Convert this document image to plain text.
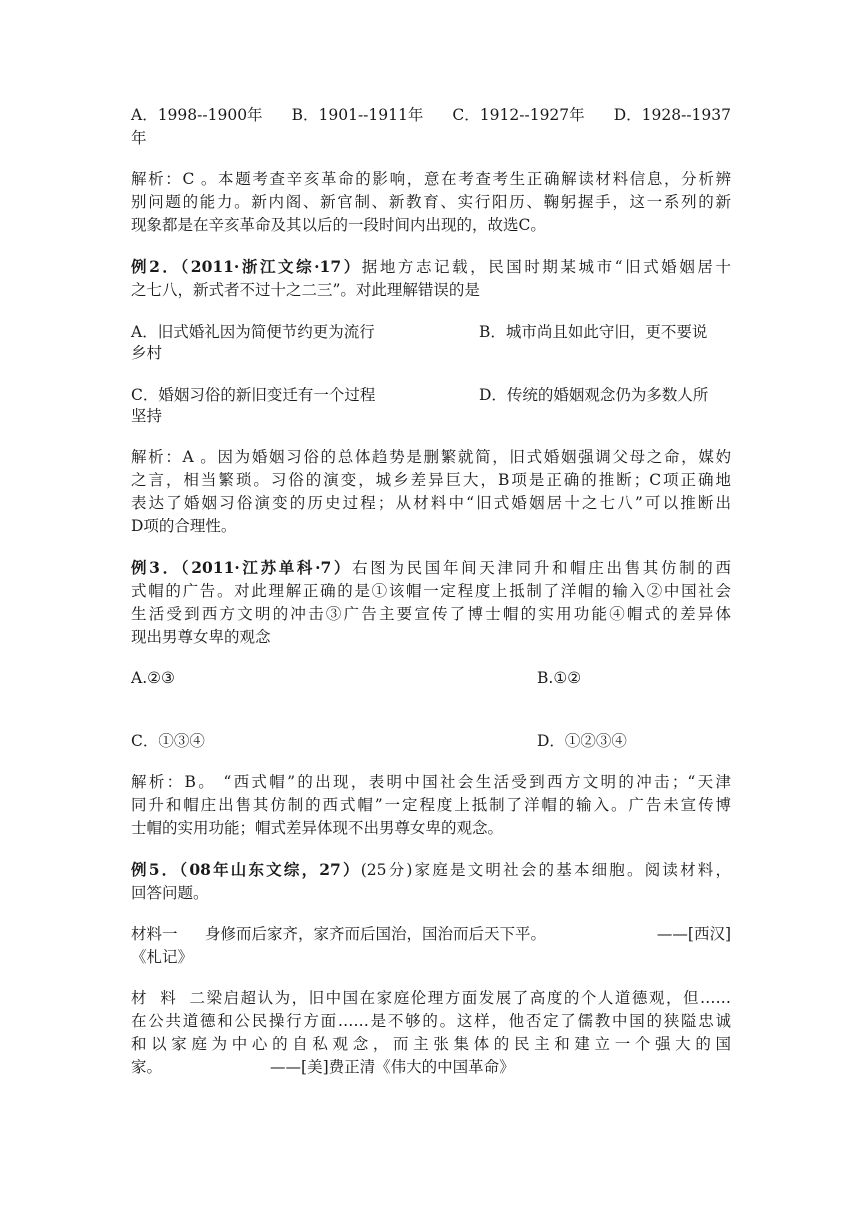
A．1998--1900年 B．1901--1911年 C．1912--1927年 D．1928--1937

年

解析：C 。本题考查辛亥革命的影响，意在考查考生正确解读材料信息，分析辨

别问题的能力。新内阁、新官制、新教育、实行阳历、鞠躬握手，这一系列的新

现象都是在辛亥革命及其以后的一段时间内出现的，故选C。

例2．（2011·浙江文综·17）据地方志记载，民国时期某城市“旧式婚姻居十

之七八，新式者不过十之二三”。对此理解错误的是

A．旧式婚礼因为简便节约更为流行	B．城市尚且如此守旧，更不要说

乡村

C．婚姻习俗的新旧变迁有一个过程	D．传统的婚姻观念仍为多数人所

坚持

解析：A 。因为婚姻习俗的总体趋势是删繁就简，旧式婚姻强调父母之命，媒妁

之言，相当繁琐。习俗的演变，城乡差异巨大，B项是正确的推断；C项正确地

表达了婚姻习俗演变的历史过程；从材料中“旧式婚姻居十之七八”可以推断出

D项的合理性。

例3．（2011·江苏单科·7）右图为民国年间天津同升和帽庄出售其仿制的西

式帽的广告。对此理解正确的是①该帽一定程度上抵制了洋帽的输入②中国社会

生活受到西方文明的冲击③广告主要宣传了博士帽的实用功能④帽式的差异体

现出男尊女卑的观念

A.②③	B.①②
C．①③④	D．①②③④

解析：B。 “西式帽”的出现，表明中国社会生活受到西方文明的冲击；“天津

同升和帽庄出售其仿制的西式帽”一定程度上抵制了洋帽的输入。广告未宣传博

士帽的实用功能；帽式差异体现不出男尊女卑的观念。

例5．（08年山东文综，27）(25分)家庭是文明社会的基本细胞。阅读材料，

回答问题。

材料一 身修而后家齐，家齐而后国治，国治而后天下平。	——[西汉]

《札记》

材料二梁启超认为，旧中国在家庭伦理方面发展了高度的个人道德观，但……

在公共道德和公民操行方面……是不够的。这样，他否定了儒教中国的狭隘忠诚

和以家庭为中心的自私观念，而主张集体的民主和建立一个强大的国

家。	——[美]费正清《伟大的中国革命》
